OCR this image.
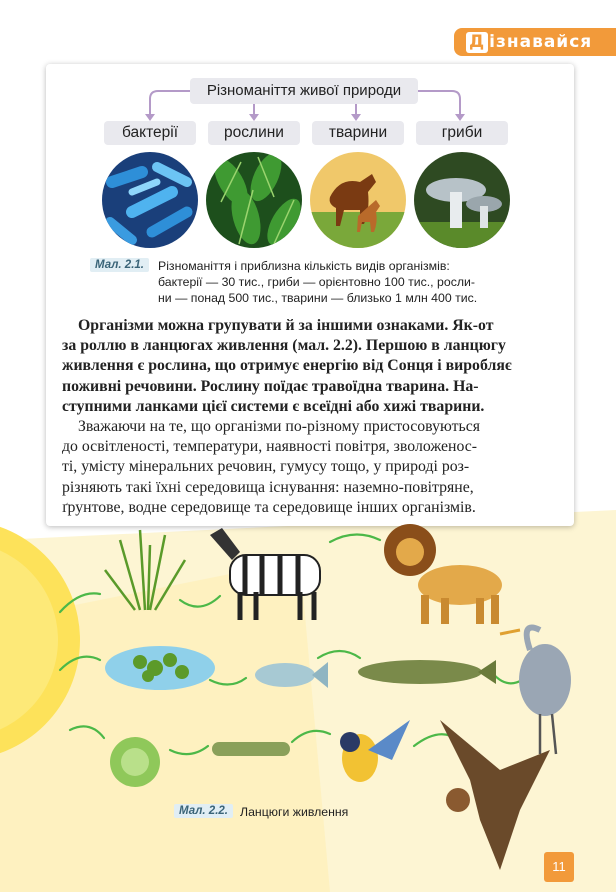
Д ізнавайся
Різноманіття живої природи
бактерії	рослини	тварини	гриби
Мал. 2.1.	Різноманіття і приблизна кількість видів організмів:
бактерії — 30 тис., гриби — орієнтовно 100 тис., росли-
ни — понад 500 тис., тварини — близько 1 млн 400 тис.
Організми можна групувати й за іншими ознаками. Як-от
за роллю в ланцюгах живлення (мал. 2.2). Першою в ланцюгу
живлення є рослина, що отримує енергію від Сонця і виробляє
поживні речовини. Рослину поїдає травоїдна тварина. На-
ступними ланками цієї системи є всеїдні або хижі тварини.
Зважаючи на те, що організми по-різному пристосовуються
до освітленості, температури, наявності повітря, зволоженос-
ті, умісту мінеральних речовин, гумусу тощо, у природі роз-
різняють такі їхні середовища існування: наземно-повітряне,
ґрунтове, водне середовище та середовище інших організмів.
Мал. 2.2. Ланцюги живлення
11
